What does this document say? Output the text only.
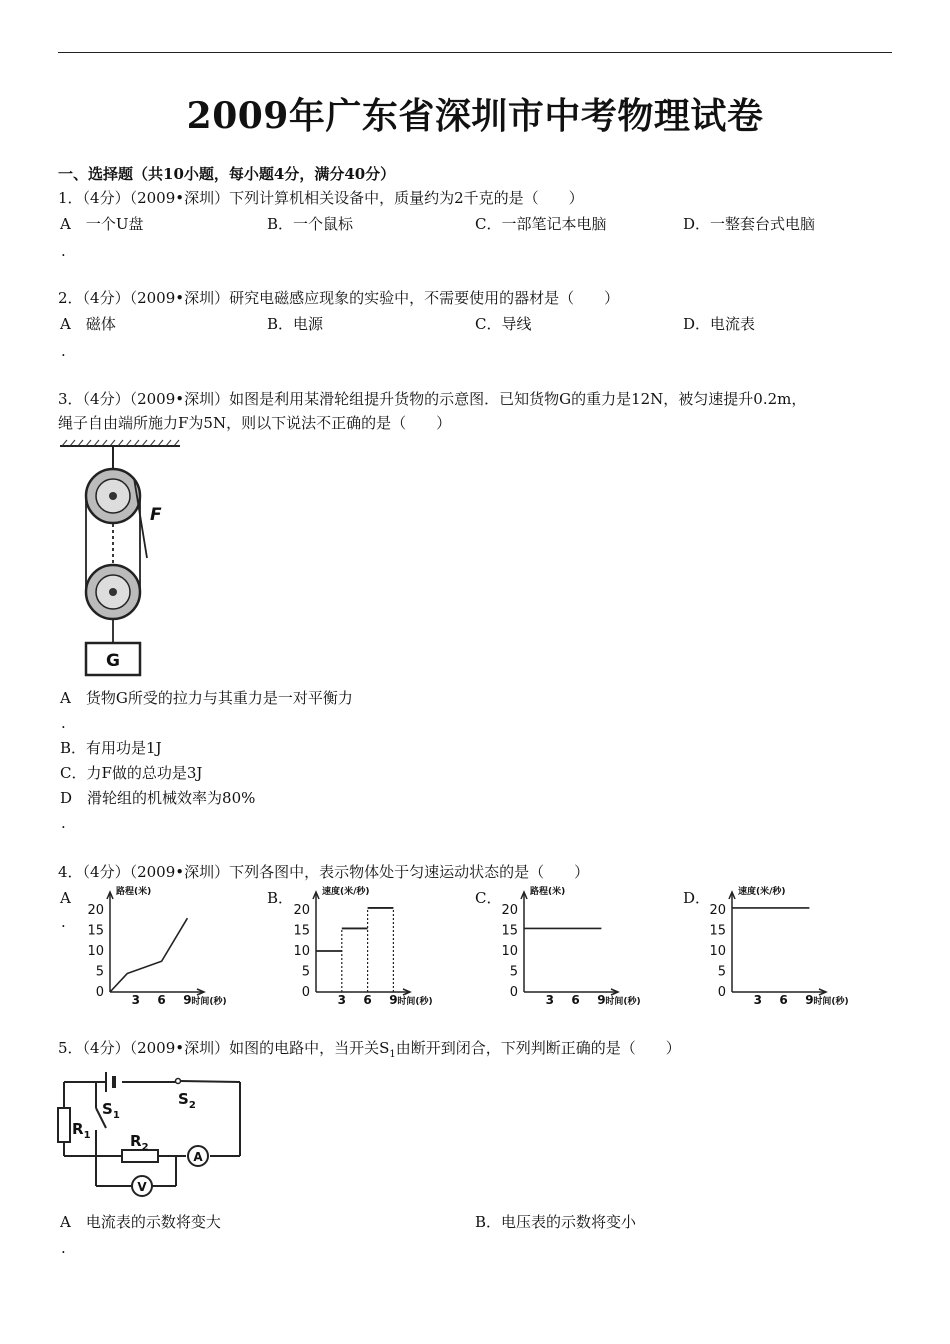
2009年广东省深圳市中考物理试卷
一、选择题（共10小题，每小题4分，满分40分）
1．（4分）（2009•深圳）下列计算机相关设备中，质量约为2千克的是（　　）
A　一个U盘	B．一个鼠标	C．一部笔记本电脑	D．一整套台式电脑
.
2．（4分）（2009•深圳）研究电磁感应现象的实验中，不需要使用的器材是（　　）
A　磁体	B．电源	C．导线	D．电流表
.
3．（4分）（2009•深圳）如图是利用某滑轮组提升货物的示意图．已知货物G的重力是12N，被匀速提升0.2m，
绳子自由端所施力F为5N，则以下说法不正确的是（　　）
F
G
A　货物G所受的拉力与其重力是一对平衡力
.
B．有用功是1J
C．力F做的总功是3J
D　滑轮组的机械效率为80%
.
4．（4分）（2009•深圳）下列各图中，表示物体处于匀速运动状态的是（　　）
A
.
B．	C．	D．
路程(米)
时间(秒)
20
15
10
5
0 3 6 9
速度(米/秒)
时间(秒)
20
15
10
5
0 3 6 9
路程(米)
时间(秒)
20
15
10
5
0 3 6 9
速度(米/秒)
时间(秒)
20
15
10
5
0 3 6 9
5．（4分）（2009•深圳）如图的电路中，当开关$S_1$由断开到闭合，下列判断正确的是（　　）
$S_2$
$S_1$
$R_1$	$R_2$
A
V
A　电流表的示数将变大	B．电压表的示数将变小
.
